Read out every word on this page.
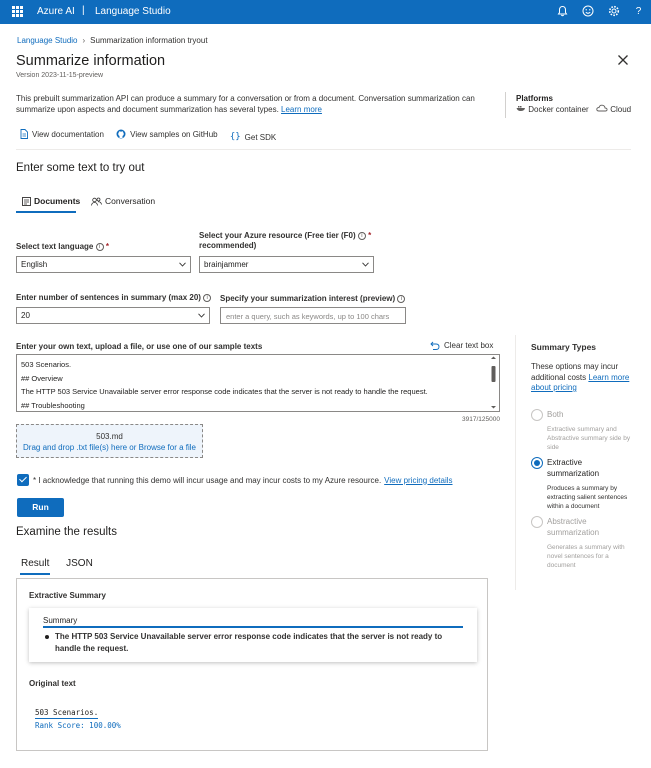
Azure AI | Language Studio	?
Language Studio › Summarization information tryout
Summarize information
Version 2023-11-15-preview
This prebuilt summarization API can produce a summary for a conversation or from a document. Conversation summarization can summarize upon aspects and document summarization has several types. Learn more
Platforms
Docker container	Cloud
View documentation
	View samples on GitHub
{} Get SDK
Enter some text to try out
Documents	Conversation
Select text language i *
English
Select your Azure resource (Free tier (F0) i *
recommended)
brainjammer
Enter number of sentences in summary (max 20) i
20
Specify your summarization interest (preview) i
enter a query, such as keywords, up to 100 chars
Enter your own text, upload a file, or use one of our sample texts	Clear text box
503 Scenarios.
## Overview
The HTTP 503 Service Unavailable server error response code indicates that the server is not ready to handle the request.
## Troubleshooting
3917/125000
503.md
Drag and drop .txt file(s) here or Browse for a file
* I acknowledge that running this demo will incur usage and may incur costs to my Azure resource. View pricing details
Run
Summary Types
These options may incur additional costs Learn more about pricing
Both
Extractive summary and Abstractive summary side by side
Extractive summarization
Produces a summary by extracting salient sentences within a document
Abstractive summarization
Generates a summary with novel sentences for a document
Examine the results
Result JSON
Extractive Summary
Summary
The HTTP 503 Service Unavailable server error response code indicates that the server is not ready to handle the request.
Original text
503 Scenarios.
Rank Score: 100.00%
